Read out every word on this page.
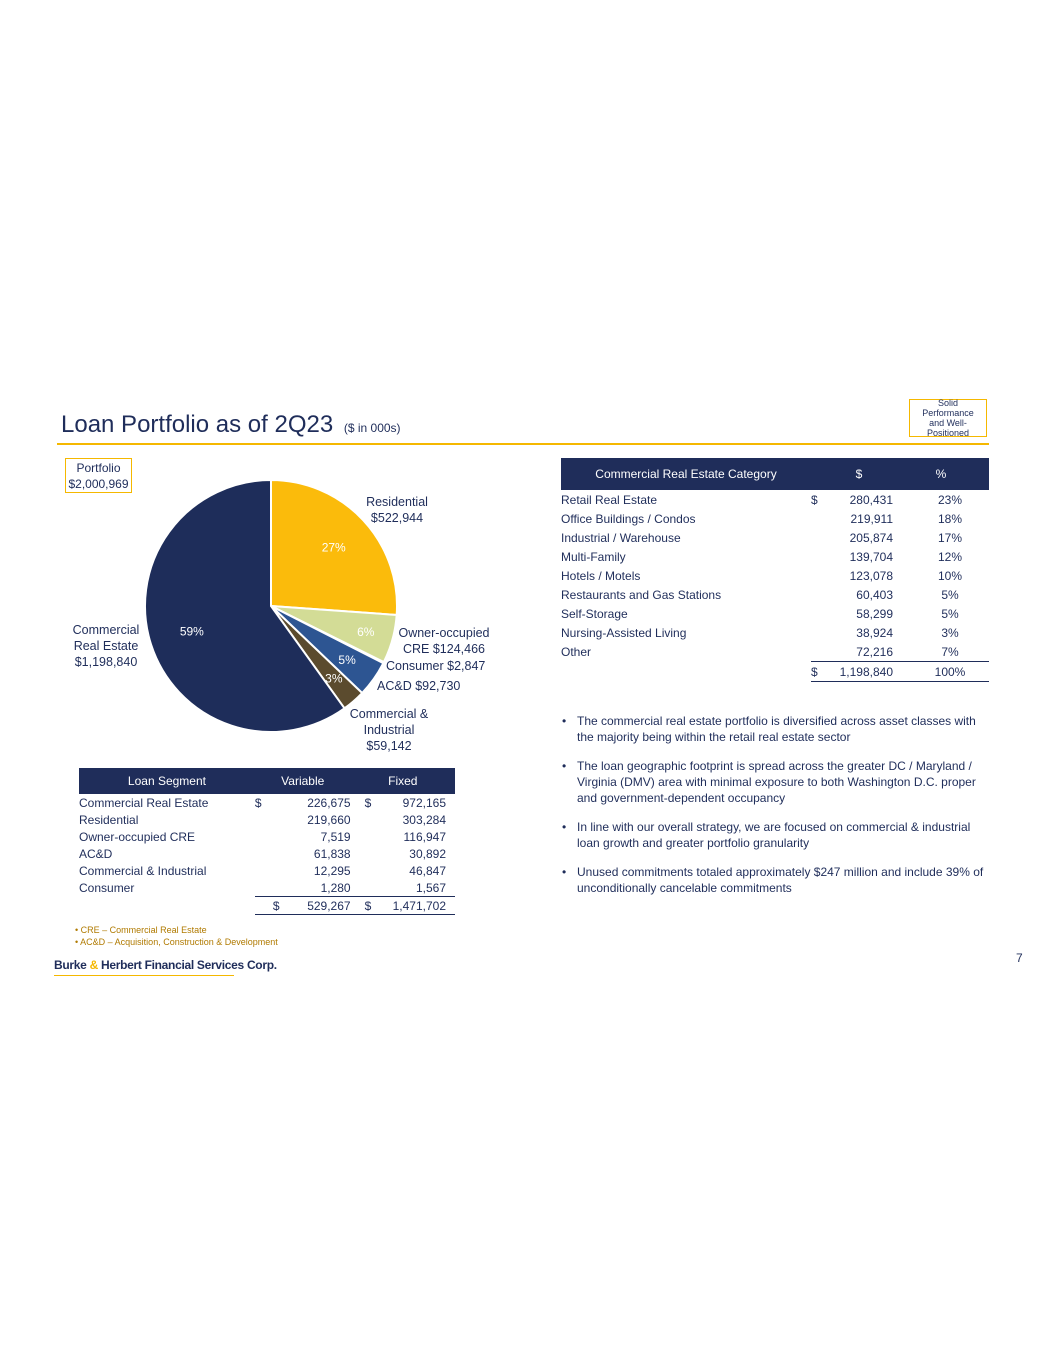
Loan Portfolio as of 2Q23 ($ in 000s)
Solid Performance and Well-Positioned
Portfolio
$2,000,969
27%
6%
5%
3%
59%
Residential
$522,944
Owner-occupied
CRE $124,466
Consumer $2,847
AC&D $92,730
Commercial &
Industrial
$59,142
Commercial
Real Estate
$1,198,840
Commercial Real Estate Category	$		%
Retail Real Estate	$	280,431	23%
Office Buildings / Condos		219,911	18%
Industrial / Warehouse		205,874	17%
Multi-Family		139,704	12%
Hotels / Motels		123,078	10%
Restaurants and Gas Stations		60,403	5%
Self-Storage		58,299	5%
Nursing-Assisted Living		38,924	3%
Other		72,216	7%
	$	1,198,840	100%
Loan Segment	Variable		Fixed	
Commercial Real Estate	$	226,675	$	972,165
Residential		219,660		303,284
Owner-occupied CRE		7,519		116,947
AC&D		61,838		30,892
Commercial & Industrial		12,295		46,847
Consumer		1,280		1,567
	$	529,267	$	1,471,702
• The commercial real estate portfolio is diversified across asset classes with the majority being within the retail real estate sector
• The loan geographic footprint is spread across the greater DC / Maryland / Virginia (DMV) area with minimal exposure to both Washington D.C. proper and government-dependent occupancy
• In line with our overall strategy, we are focused on commercial & industrial loan growth and greater portfolio granularity
• Unused commitments totaled approximately $247 million and include 39% of unconditionally cancelable commitments
• CRE – Commercial Real Estate
• AC&D – Acquisition, Construction & Development
Burke & Herbert Financial Services Corp.	7
